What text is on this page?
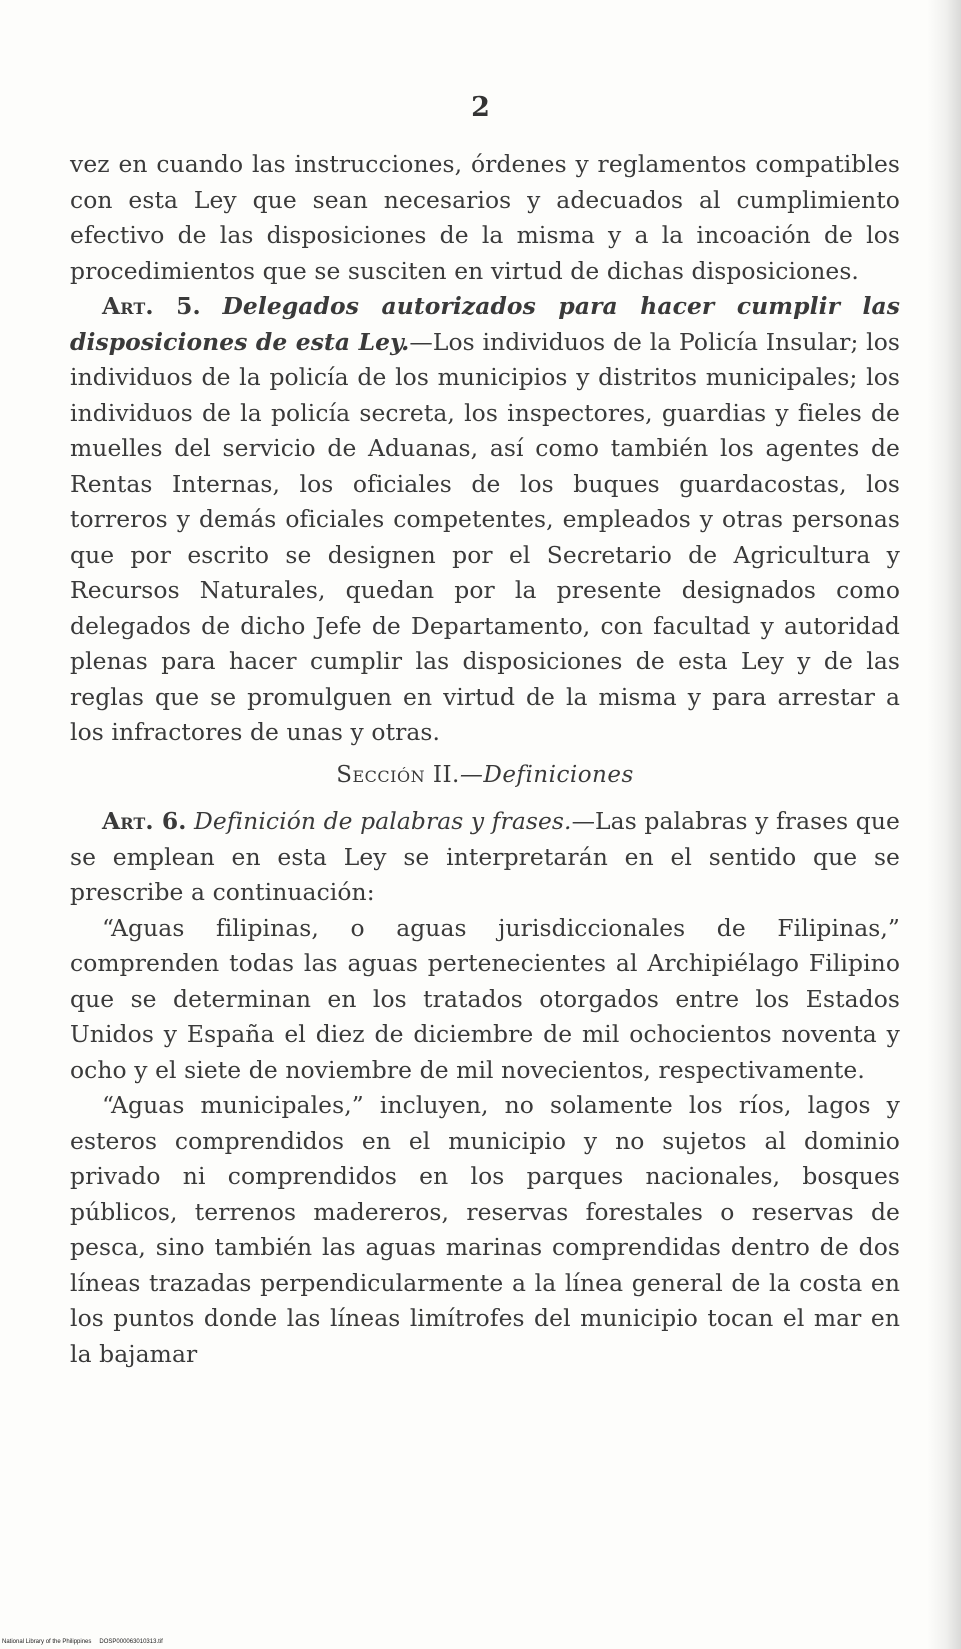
2

vez en cuando las instrucciones, órdenes y reglamentos compatibles con esta Ley que sean necesarios y adecuados al cumplimiento efectivo de las disposiciones de la misma y a la incoación de los procedimientos que se susciten en virtud de dichas disposiciones.

Art. 5. Delegados autorizados para hacer cumplir las disposiciones de esta Ley.—Los individuos de la Policía Insular; los individuos de la policía de los municipios y distritos municipales; los individuos de la policía secreta, los inspectores, guardias y fieles de muelles del servicio de Aduanas, así como también los agentes de Rentas Internas, los oficiales de los buques guardacostas, los torreros y demás oficiales competentes, empleados y otras personas que por escrito se designen por el Secretario de Agricultura y Recursos Naturales, quedan por la presente designados como delegados de dicho Jefe de Departamento, con facultad y autoridad plenas para hacer cumplir las disposiciones de esta Ley y de las reglas que se promulguen en virtud de la misma y para arrestar a los infractores de unas y otras.

Sección II.—Definiciones

Art. 6. Definición de palabras y frases.—Las palabras y frases que se emplean en esta Ley se interpretarán en el sentido que se prescribe a continuación:

“Aguas filipinas, o aguas jurisdiccionales de Filipinas,” comprenden todas las aguas pertenecientes al Archipiélago Filipino que se determinan en los tratados otorgados entre los Estados Unidos y España el diez de diciembre de mil ochocientos noventa y ocho y el siete de noviembre de mil novecientos, respectivamente.

“Aguas municipales,” incluyen, no solamente los ríos, lagos y esteros comprendidos en el municipio y no sujetos al dominio privado ni comprendidos en los parques nacionales, bosques públicos, terrenos madereros, reservas forestales o reservas de pesca, sino también las aguas marinas comprendidas dentro de dos líneas trazadas perpendicularmente a la línea general de la costa en los puntos donde las líneas limítrofes del municipio tocan el mar en la bajamar

National Library of the Philippines DOSP000063010313.tif
